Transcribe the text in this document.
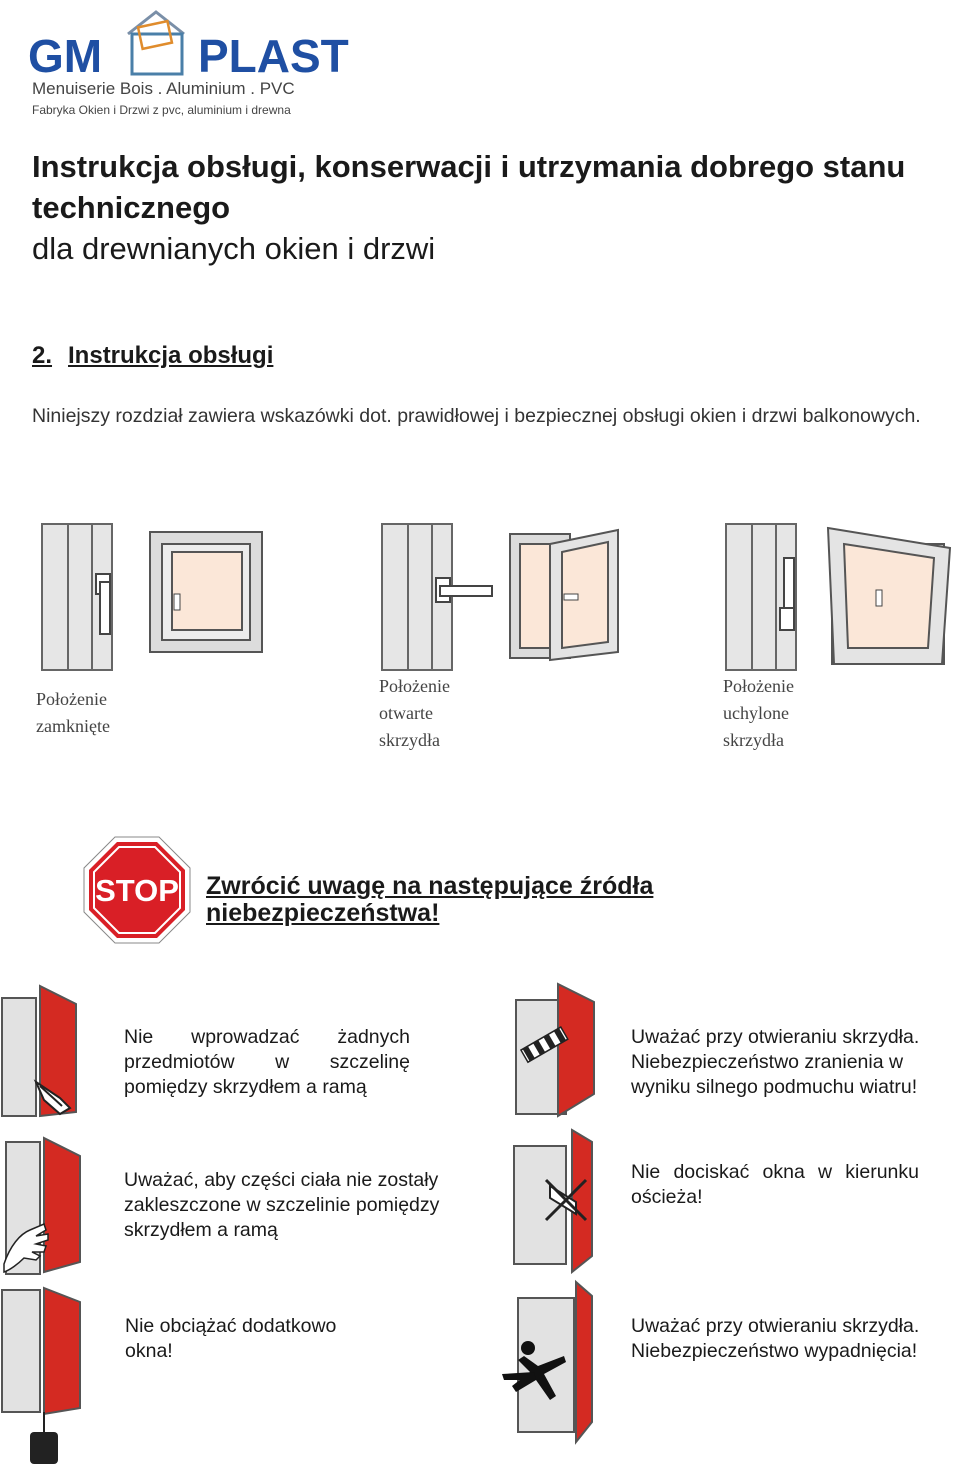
GM PLAST
Menuiserie Bois . Aluminium . PVC
Fabryka Okien i Drzwi z pvc, aluminium i drewna
Instrukcja obsługi, konserwacji i utrzymania dobrego stanu technicznego
dla drewnianych okien i drzwi
2. Instrukcja obsługi
Niniejszy rozdział zawiera wskazówki dot. prawidłowej i bezpiecznej obsługi okien i drzwi balkonowych.
Położenie
zamknięte
Położenie
otwarte
skrzydła
Położenie
uchylone
skrzydła
STOP Zwrócić uwagę na następujące źródła niebezpieczeństwa!
Nie wprowadzać żadnych przedmiotów w szczelinę pomiędzy skrzydłem a ramą
Uważać przy otwieraniu skrzydła. Niebezpieczeństwo zranienia w wyniku silnego podmuchu wiatru!
Uważać, aby części ciała nie zostały zakleszczone w szczelinie pomiędzy skrzydłem a ramą
Nie dociskać okna w kierunku ościeża!
Nie obciążać dodatkowo okna!
Uważać przy otwieraniu skrzydła. Niebezpieczeństwo wypadnięcia!
